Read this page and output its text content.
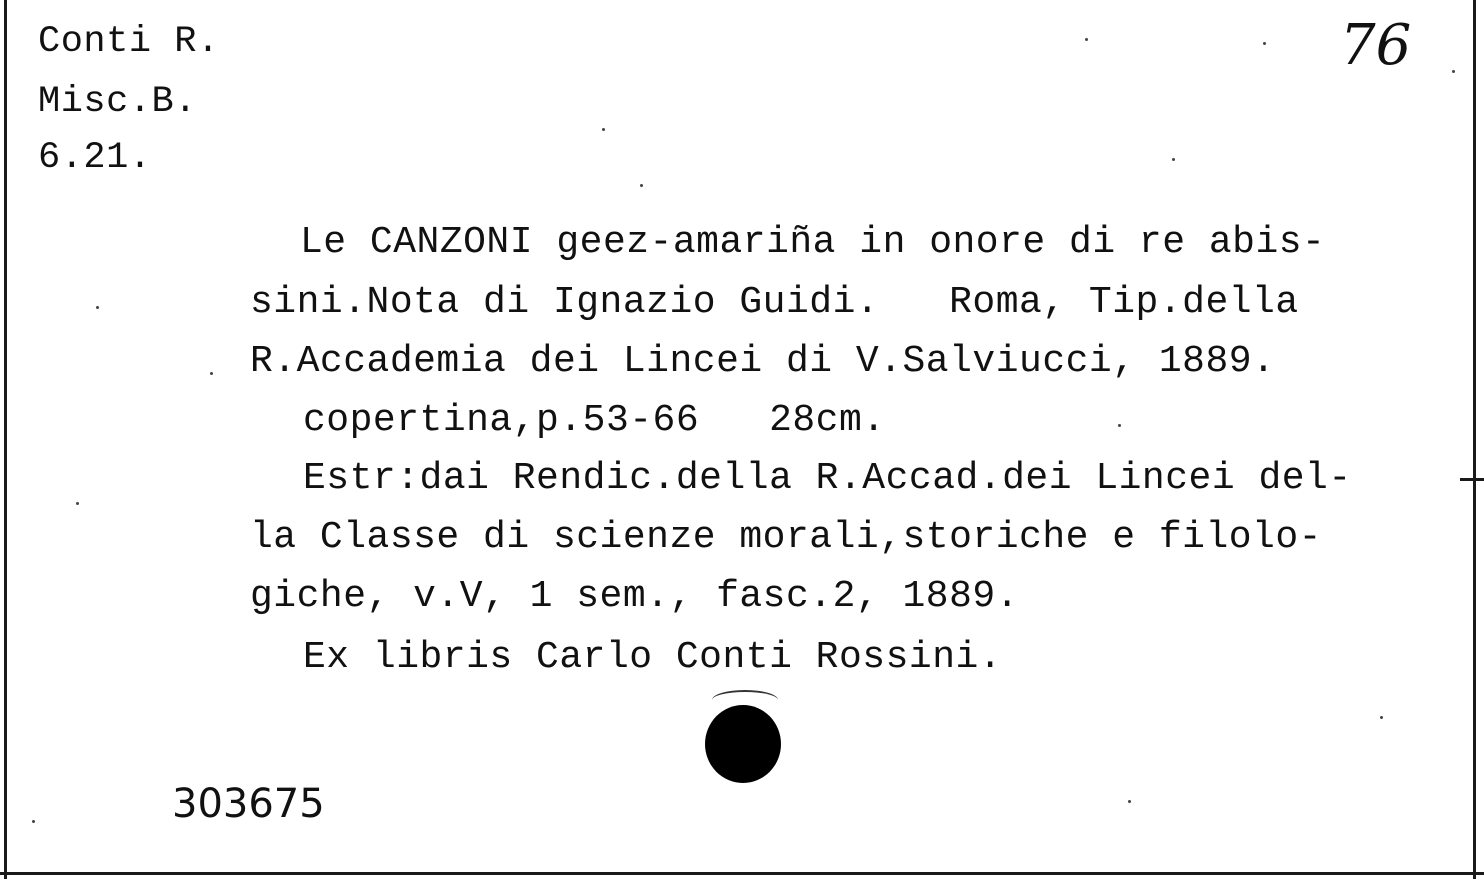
Conti R.
Misc.B.
6.21.
76
Le CANZONI geez-amariña in onore di re abis-
sini.Nota di Ignazio Guidi.   Roma, Tip.della
R.Accademia dei Lincei di V.Salviucci, 1889.
copertina,p.53-66   28cm.
Estr:dai Rendic.della R.Accad.dei Lincei del-
la Classe di scienze morali,storiche e filolo-
giche, v.V, 1 sem., fasc.2, 1889.
Ex libris Carlo Conti Rossini.
303675
